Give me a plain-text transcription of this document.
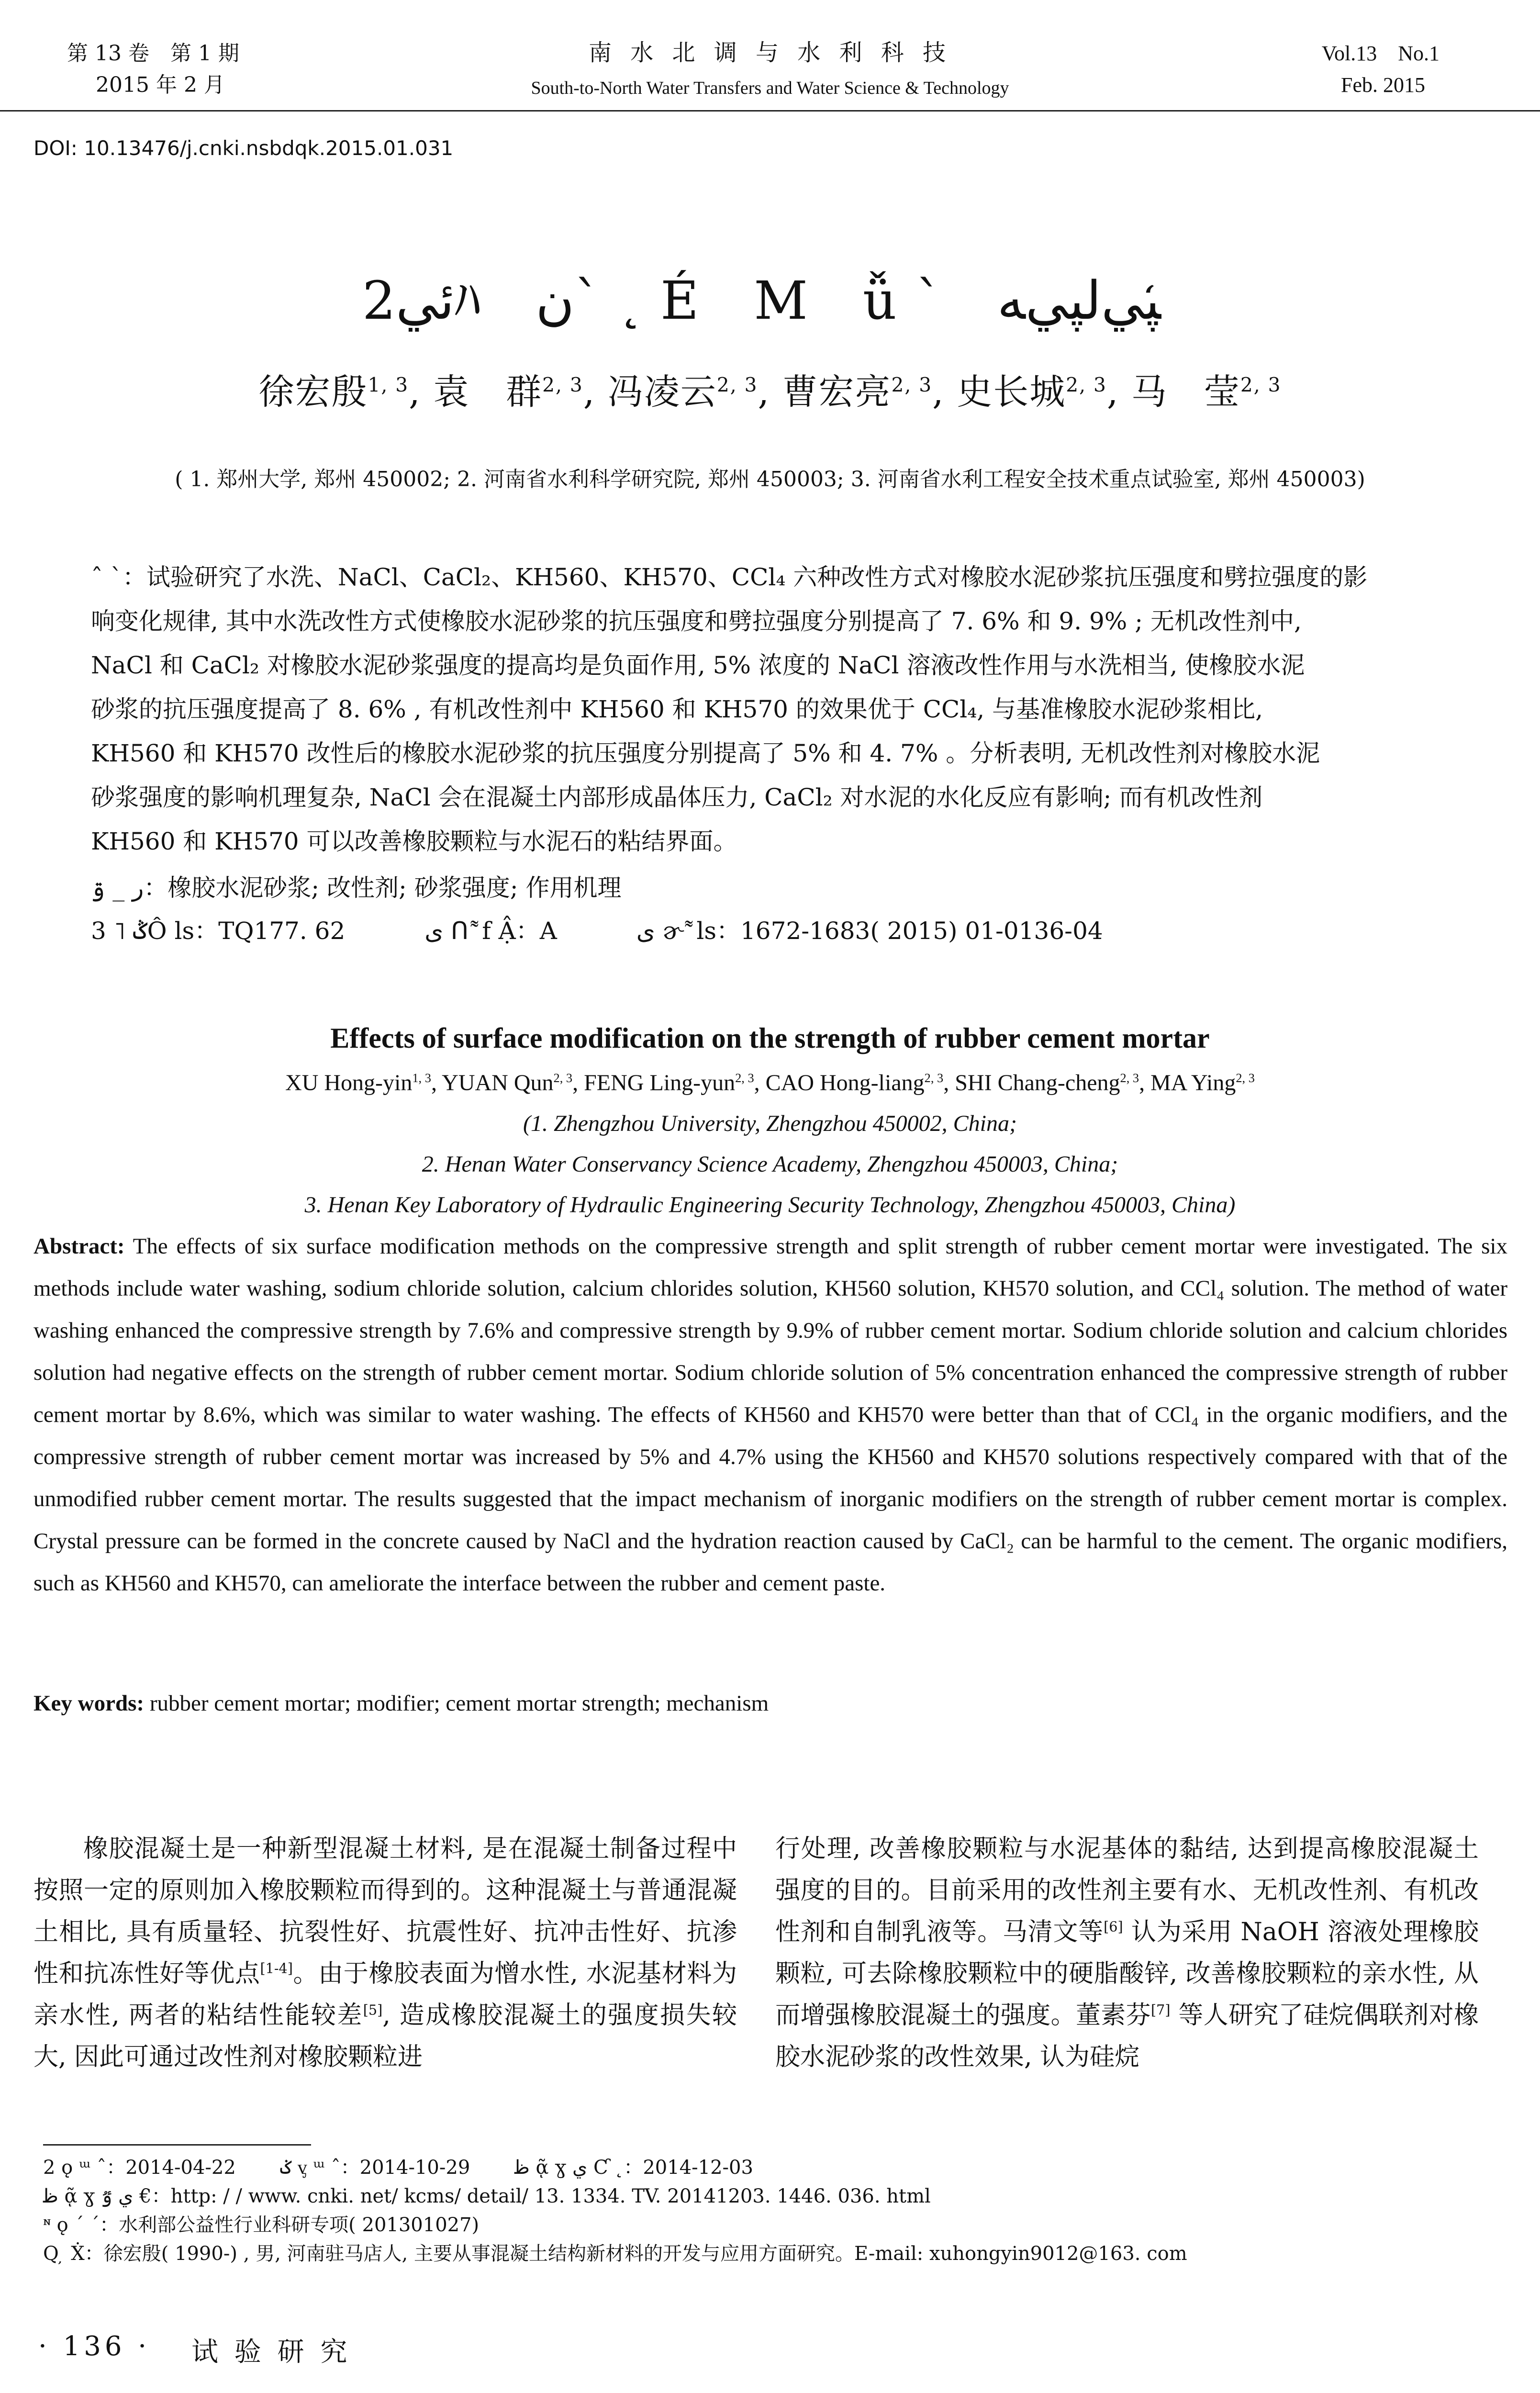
第 13 卷　第 1 期
2015 年 2 月
南 水 北 调 与 水 利 科 技
South-to-North Water Transfers and Water Science & Technology
Vol.13　No.1
Feb. 2015
DOI: 10.13476/j.cnki.nsbdqk.2015.01.031
2ئيﾊ ﻥ` ˛ É M ǚ` ﭙﻲﻟﭙﻲﻪ ̒
徐宏殷$^{1, 3}$, 袁　群$^{2, 3}$, 冯凌云$^{2, 3}$, 曹宏亮$^{2, 3}$, 史长城$^{2, 3}$, 马　莹$^{2, 3}$
( 1. 郑州大学, 郑州 450002; 2. 河南省水利科学研究院, 郑州 450003; 3. 河南省水利工程安全技术重点试验室, 郑州 450003)
ˆ ˋ：试验研究了水洗、NaCl、CaCl₂、KH560、KH570、CCl₄ 六种改性方式对橡胶水泥砂浆抗压强度和劈拉强度的影
响变化规律, 其中水洗改性方式使橡胶水泥砂浆的抗压强度和劈拉强度分别提高了 7. 6% 和 9. 9% ; 无机改性剂中,
NaCl 和 CaCl₂ 对橡胶水泥砂浆强度的提高均是负面作用, 5% 浓度的 NaCl 溶液改性作用与水洗相当, 使橡胶水泥
砂浆的抗压强度提高了 8. 6% , 有机改性剂中 KH560 和 KH570 的效果优于 CCl₄, 与基准橡胶水泥砂浆相比,
KH560 和 KH570 改性后的橡胶水泥砂浆的抗压强度分别提高了 5% 和 4. 7% 。分析表明, 无机改性剂对橡胶水泥
砂浆强度的影响机理复杂, NaCl 会在混凝土内部形成晶体压力, CaCl₂ 对水泥的水化反应有影响; 而有机改性剂
KH560 和 KH570 可以改善橡胶颗粒与水泥石的粘结界面。
ﺭ _ ۊ：橡胶水泥砂浆; 改性剂; 砂浆强度; 作用机理
3 ˥ ݣÔ ls：TQ177. 62　　　 ی ᑎ ͌ f Ậ：A　　　 ی ɚ ͌ ls：1672-1683( 2015) 01-0136-04
Effects of surface modification on the strength of rubber cement mortar
XU Hong-yin$^{1, 3}$, YUAN Qun$^{2, 3}$, FENG Ling-yun$^{2, 3}$, CAO Hong-liang$^{2, 3}$, SHI Chang-cheng$^{2, 3}$, MA Ying$^{2, 3}$
(1. Zhengzhou University, Zhengzhou 450002, China;
2. Henan Water Conservancy Science Academy, Zhengzhou 450003, China;
3. Henan Key Laboratory of Hydraulic Engineering Security Technology, Zhengzhou 450003, China)
Abstract: The effects of six surface modification methods on the compressive strength and split strength of rubber cement mortar were investigated. The six methods include water washing, sodium chloride solution, calcium chlorides solution, KH560 solution, KH570 solution, and CCl₄ solution. The method of water washing enhanced the compressive strength by 7.6% and compressive strength by 9.9% of rubber cement mortar. Sodium chloride solution and calcium chlorides solution had negative effects on the strength of rubber cement mortar. Sodium chloride solution of 5% concentration enhanced the compressive strength of rubber cement mortar by 8.6%, which was similar to water washing. The effects of KH560 and KH570 were better than that of CCl₄ in the organic modifiers, and the compressive strength of rubber cement mortar was increased by 5% and 4.7% using the KH560 and KH570 solutions respectively compared with that of the unmodified rubber cement mortar. The results suggested that the impact mechanism of inorganic modifiers on the strength of rubber cement mortar is complex. Crystal pressure can be formed in the concrete caused by NaCl and the hydration reaction caused by CaCl₂ can be harmful to the cement. The organic modifiers, such as KH560 and KH570, can ameliorate the interface between the rubber and cement paste.
Key words: rubber cement mortar; modifier; cement mortar strength; mechanism

橡胶混凝土是一种新型混凝土材料, 是在混凝土制备过程中按照一定的原则加入橡胶颗粒而得到的。这种混凝土与普通混凝土相比, 具有质量轻、抗裂性好、抗震性好、抗冲击性好、抗渗性和抗冻性好等优点[1-4]。由于橡胶表面为憎水性, 水泥基材料为亲水性, 两者的粘结性能较差[5], 造成橡胶混凝土的强度损失较大, 因此可通过改性剂对橡胶颗粒进

行处理, 改善橡胶颗粒与水泥基体的黏结, 达到提高橡胶混凝土强度的目的。目前采用的改性剂主要有水、无机改性剂、有机改性剂和自制乳液等。马清文等[6] 认为采用 NaOH 溶液处理橡胶颗粒, 可去除橡胶颗粒中的硬脂酸锌, 改善橡胶颗粒的亲水性, 从而增强橡胶混凝土的强度。董素芬[7] 等人研究了硅烷偶联剂对橡胶水泥砂浆的改性效果, 认为硅烷

2 ǫ ᵚ ˆ：2014-04-22　　 ݢ ᶌ ᵚ ˆ：2014-10-29　　 ﻇ ᾷ ɣ ﻱ Ƈ ˛：2014-12-03
ﻇ ᾷ ɣ ﻱ ٷ €：http: / / www. cnki. net/ kcms/ detail/ 13. 1334. TV. 20141203. 1446. 036. html
ᶰ ǫ ˊ ˊ：水利部公益性行业科研专项( 201301027)
Q ̦ Ẋ：徐宏殷( 1990-) , 男, 河南驻马店人, 主要从事混凝土结构新材料的开发与应用方面研究。E-mail: xuhongyin9012@163. com
· 136 · 试 验 研 究
